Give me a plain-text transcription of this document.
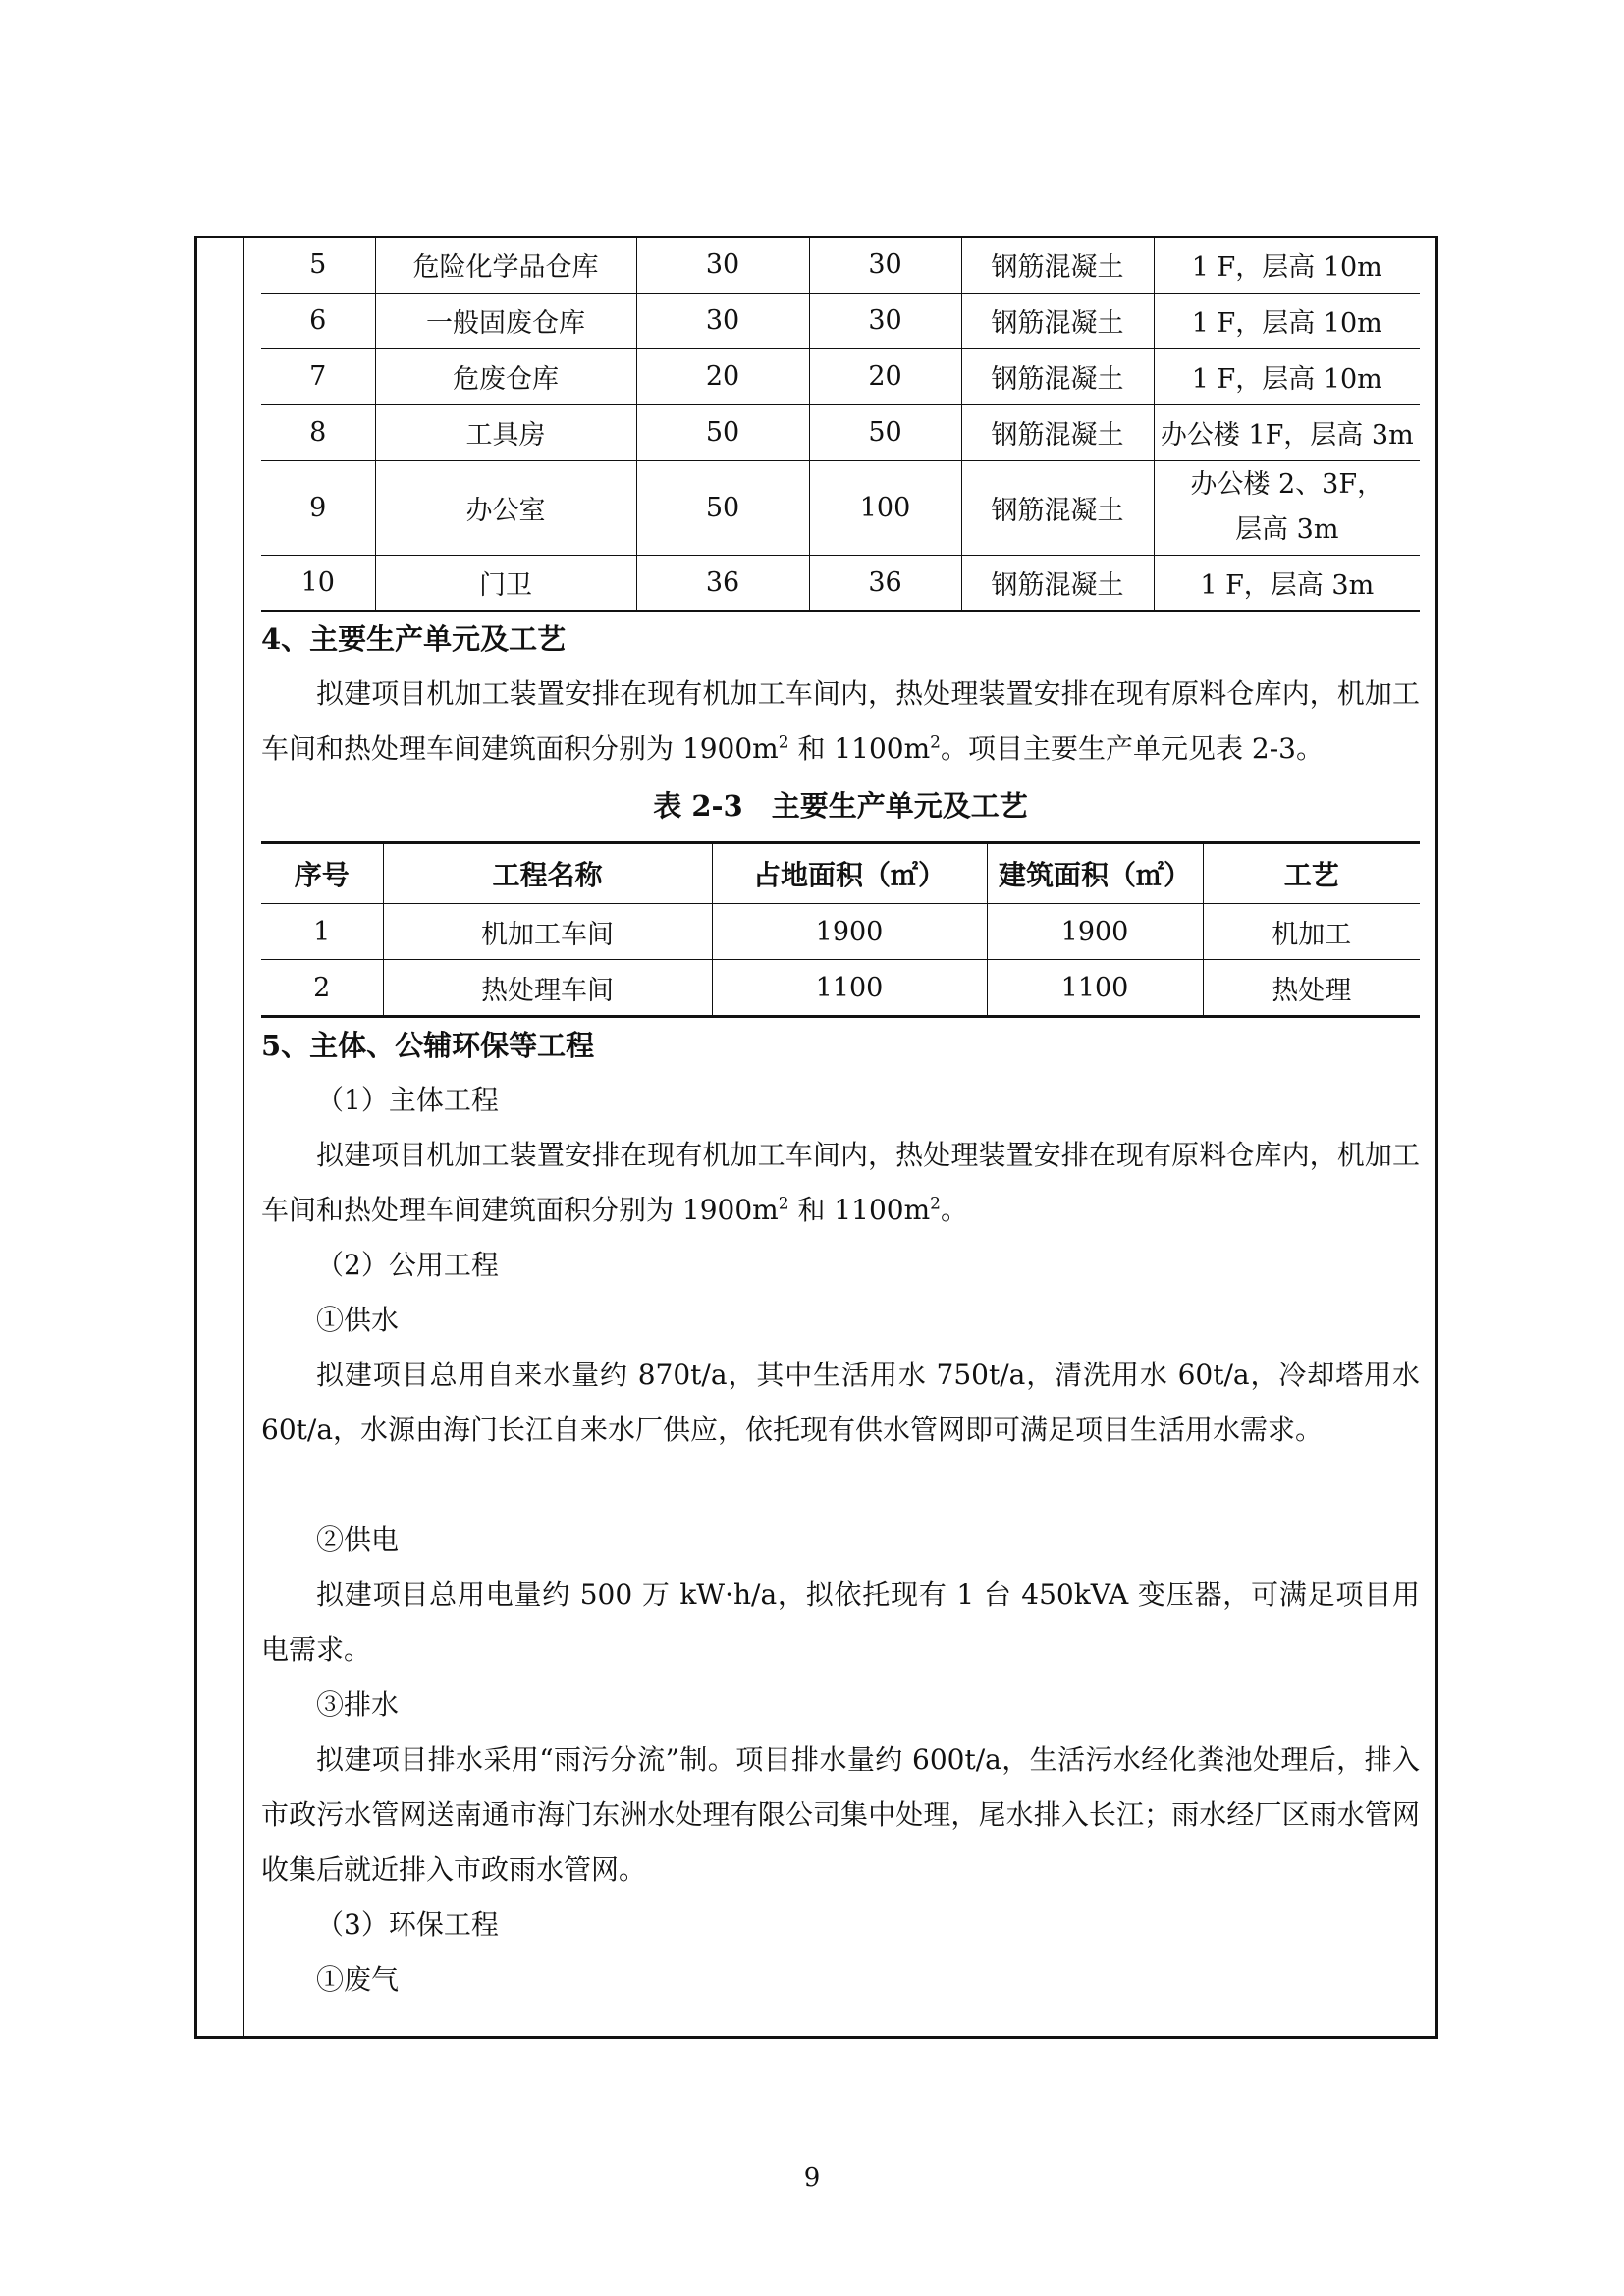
5	危险化学品仓库	30	30	钢筋混凝土	1 F，层高 10m
6	一般固废仓库	30	30	钢筋混凝土	1 F，层高 10m
7	危废仓库	20	20	钢筋混凝土	1 F，层高 10m
8	工具房	50	50	钢筋混凝土	办公楼 1F，层高 3m
9	办公室	50	100	钢筋混凝土	办公楼 2、3F，
层高 3m

10	门卫	36	36	钢筋混凝土	1 F，层高 3m

4、主要生产单元及工艺

拟建项目机加工装置安排在现有机加工车间内，热处理装置安排在现有原料仓库内，机加工车间和热处理车间建筑面积分别为 $1900m^2$ 和 $1100m^2$。项目主要生产单元见表 2-3。

表 2-3　主要生产单元及工艺

序号	工程名称	占地面积（㎡）	建筑面积（㎡）	工艺
1	机加工车间	1900	1900	机加工
2	热处理车间	1100	1100	热处理

5、主体、公辅环保等工程

（1）主体工程

拟建项目机加工装置安排在现有机加工车间内，热处理装置安排在现有原料仓库内，机加工车间和热处理车间建筑面积分别为 $1900m^2$ 和 $1100m^2$。

（2）公用工程

①供水

拟建项目总用自来水量约 870t/a，其中生活用水 750t/a，清洗用水 60t/a，冷却塔用水 60t/a，水源由海门长江自来水厂供应，依托现有供水管网即可满足项目生活用水需求。

②供电

拟建项目总用电量约 500 万 kW·h/a，拟依托现有 1 台 450kVA 变压器，可满足项目用电需求。

③排水

拟建项目排水采用“雨污分流”制。项目排水量约 600t/a，生活污水经化粪池处理后，排入市政污水管网送南通市海门东洲水处理有限公司集中处理，尾水排入长江；雨水经厂区雨水管网收集后就近排入市政雨水管网。

（3）环保工程

①废气

9
